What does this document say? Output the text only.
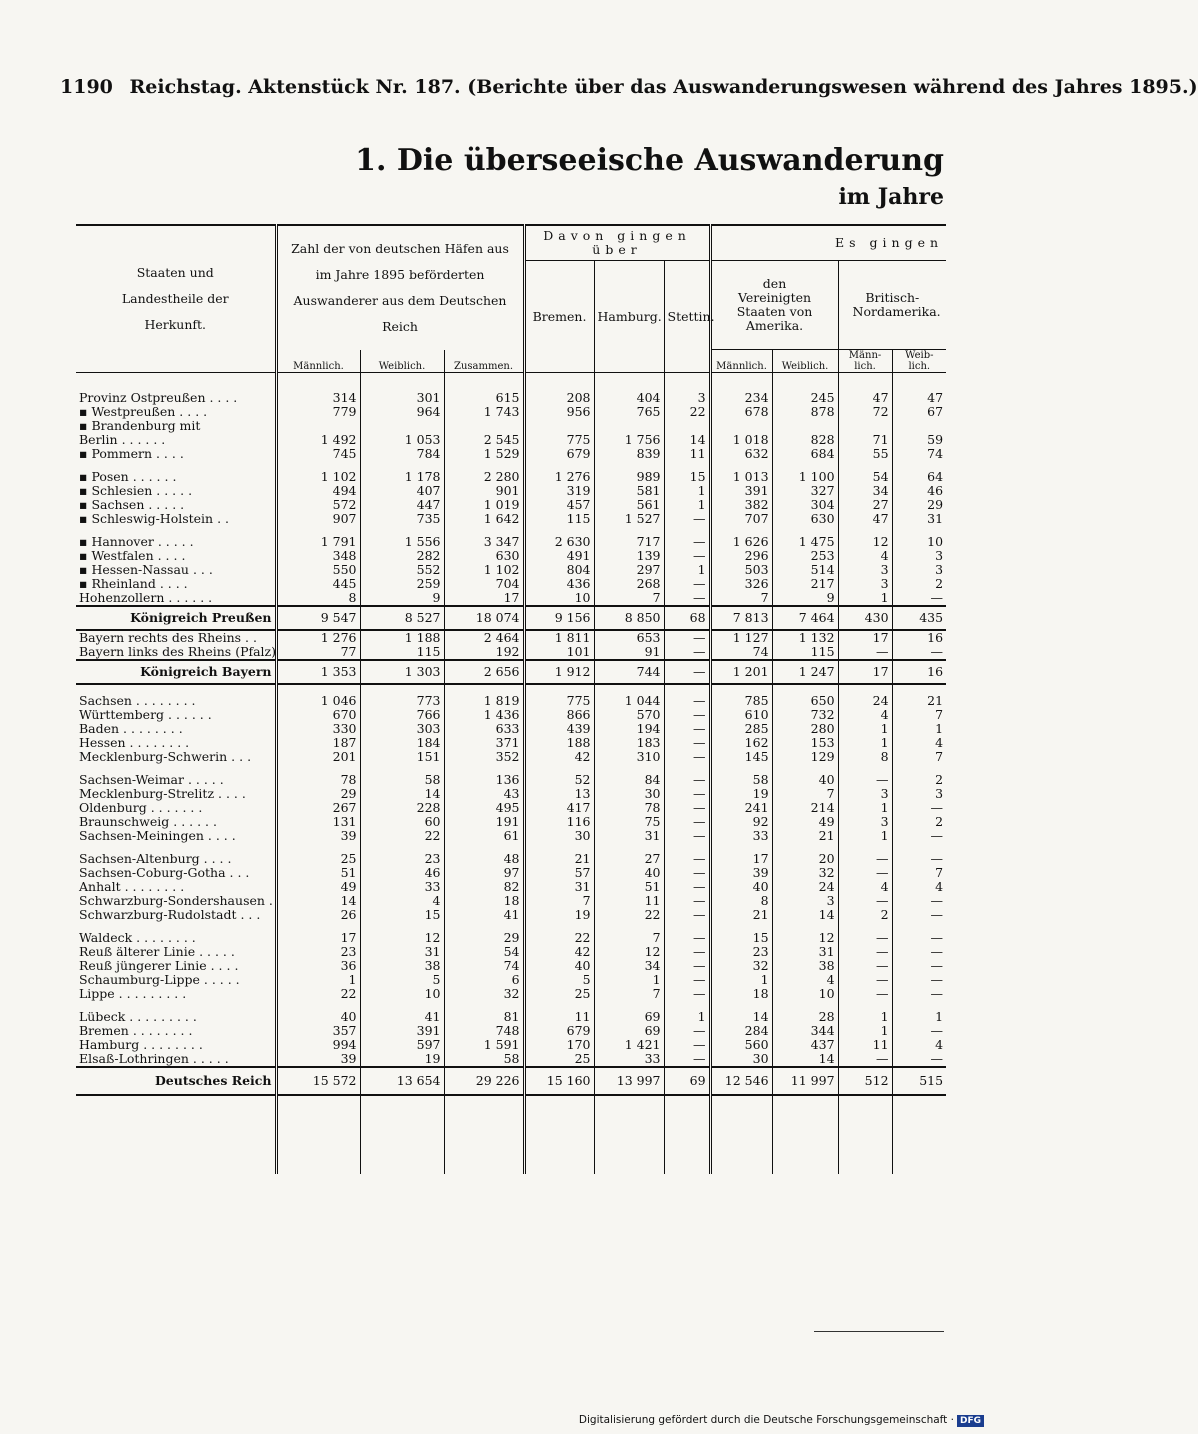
1190 Reichstag. Aktenstück Nr. 187. (Berichte über das Auswanderungswesen während des Jahres 1895.)
1. Die überseeische Auswanderung
im Jahre
Staaten und Landestheile der Herkunft.	Zahl der von deutschen Häfen aus im Jahre 1895 beförderten Auswanderer aus dem Deutschen Reich			Davon gingen über			Es gingen			
				Bremen.	Hamburg.	Stettin.	den Vereinigten Staaten von Amerika.		Britisch-Nordamerika.	
	Männlich.	Weiblich.	Zusammen.				Männlich.	Weiblich.	Männ-lich.	Weib-lich.

Provinz Ostpreußen . . . .	314	301	615	208	404	3	234	245	47	47
▪ Westpreußen . . . .	779	964	1 743	956	765	22	678	878	72	67
▪ Brandenburg mit										
Berlin . . . . . .	1 492	1 053	2 545	775	1 756	14	1 018	828	71	59
▪ Pommern . . . .	745	784	1 529	679	839	11	632	684	55	74

▪ Posen . . . . . .	1 102	1 178	2 280	1 276	989	15	1 013	1 100	54	64
▪ Schlesien . . . . .	494	407	901	319	581	1	391	327	34	46
▪ Sachsen . . . . .	572	447	1 019	457	561	1	382	304	27	29
▪ Schleswig-Holstein . .	907	735	1 642	115	1 527	—	707	630	47	31

▪ Hannover . . . . .	1 791	1 556	3 347	2 630	717	—	1 626	1 475	12	10
▪ Westfalen . . . .	348	282	630	491	139	—	296	253	4	3
▪ Hessen-Nassau . . .	550	552	1 102	804	297	1	503	514	3	3
▪ Rheinland . . . .	445	259	704	436	268	—	326	217	3	2
Hohenzollern . . . . . .	8	9	17	10	7	—	7	9	1	—
Königreich Preußen	9 547	8 527	18 074	9 156	8 850	68	7 813	7 464	430	435
Bayern rechts des Rheins . .	1 276	1 188	2 464	1 811	653	—	1 127	1 132	17	16
Bayern links des Rheins (Pfalz)	77	115	192	101	91	—	74	115	—	—
Königreich Bayern	1 353	1 303	2 656	1 912	744	—	1 201	1 247	17	16

Sachsen . . . . . . . .	1 046	773	1 819	775	1 044	—	785	650	24	21
Württemberg . . . . . .	670	766	1 436	866	570	—	610	732	4	7
Baden . . . . . . . .	330	303	633	439	194	—	285	280	1	1
Hessen . . . . . . . .	187	184	371	188	183	—	162	153	1	4
Mecklenburg-Schwerin . . .	201	151	352	42	310	—	145	129	8	7

Sachsen-Weimar . . . . .	78	58	136	52	84	—	58	40	—	2
Mecklenburg-Strelitz . . . .	29	14	43	13	30	—	19	7	3	3
Oldenburg . . . . . . .	267	228	495	417	78	—	241	214	1	—
Braunschweig . . . . . .	131	60	191	116	75	—	92	49	3	2
Sachsen-Meiningen . . . .	39	22	61	30	31	—	33	21	1	—

Sachsen-Altenburg . . . .	25	23	48	21	27	—	17	20	—	—
Sachsen-Coburg-Gotha . . .	51	46	97	57	40	—	39	32	—	7
Anhalt . . . . . . . .	49	33	82	31	51	—	40	24	4	4
Schwarzburg-Sondershausen .	14	4	18	7	11	—	8	3	—	—
Schwarzburg-Rudolstadt . . .	26	15	41	19	22	—	21	14	2	—

Waldeck . . . . . . . .	17	12	29	22	7	—	15	12	—	—
Reuß älterer Linie . . . . .	23	31	54	42	12	—	23	31	—	—
Reuß jüngerer Linie . . . .	36	38	74	40	34	—	32	38	—	—
Schaumburg-Lippe . . . . .	1	5	6	5	1	—	1	4	—	—
Lippe . . . . . . . . .	22	10	32	25	7	—	18	10	—	—

Lübeck . . . . . . . . .	40	41	81	11	69	1	14	28	1	1
Bremen . . . . . . . .	357	391	748	679	69	—	284	344	1	—
Hamburg . . . . . . . .	994	597	1 591	170	1 421	—	560	437	11	4
Elsaß-Lothringen . . . . .	39	19	58	25	33	—	30	14	—	—
Deutsches Reich	15 572	13 654	29 226	15 160	13 997	69	12 546	11 997	512	515

Digitalisierung gefördert durch die Deutsche Forschungsgemeinschaft · DFG
